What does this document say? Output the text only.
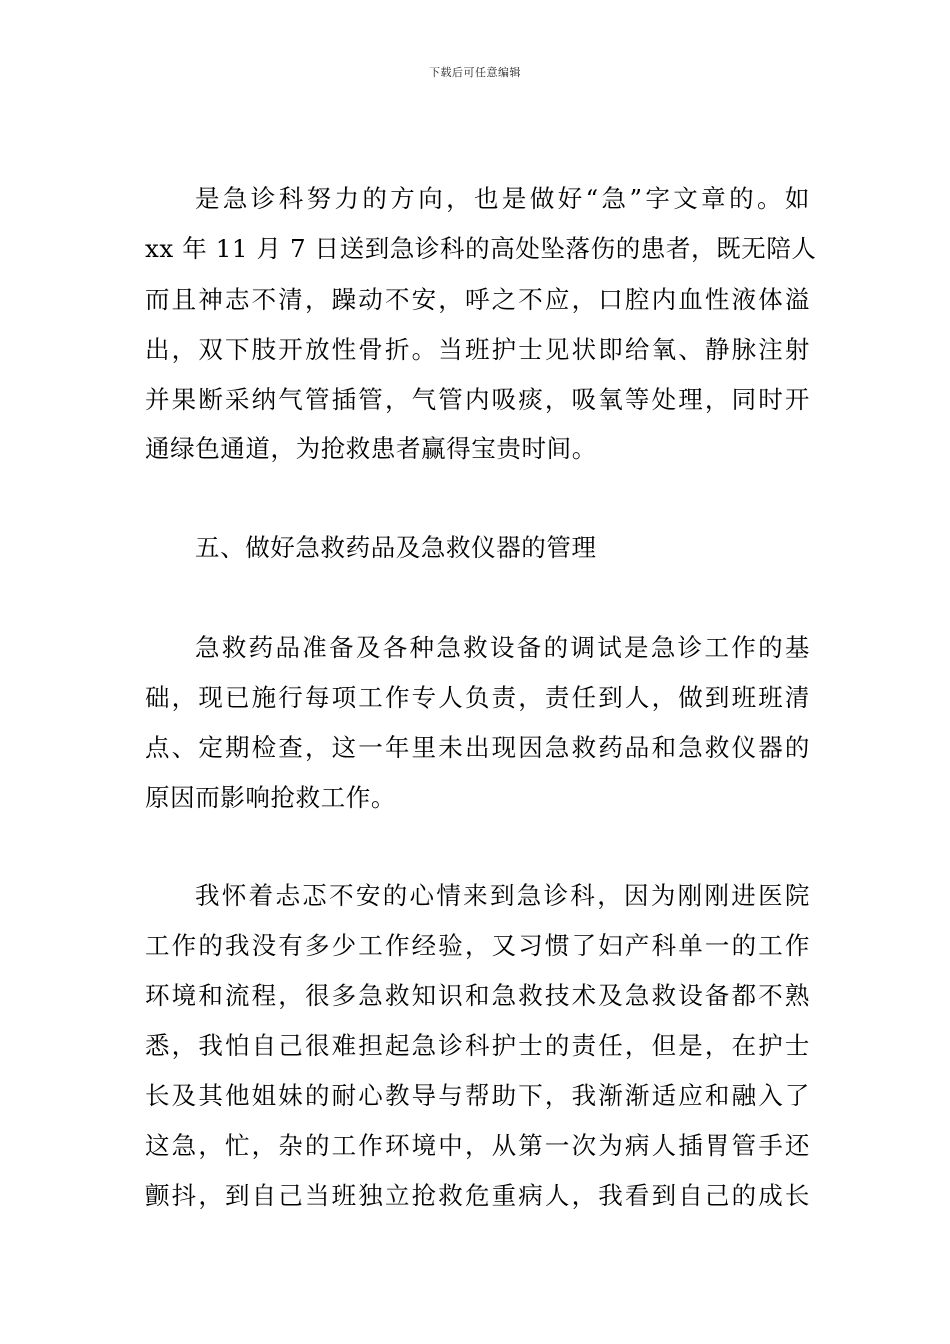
下载后可任意编辑
是急诊科努力的方向，也是做好“急”字文章的。如
xx 年 11 月 7 日送到急诊科的高处坠落伤的患者，既无陪人
而且神志不清，躁动不安，呼之不应，口腔内血性液体溢
出，双下肢开放性骨折。当班护士见状即给氧、静脉注射
并果断采纳气管插管，气管内吸痰，吸氧等处理，同时开
通绿色通道，为抢救患者赢得宝贵时间。
五、做好急救药品及急救仪器的管理
急救药品准备及各种急救设备的调试是急诊工作的基
础，现已施行每项工作专人负责，责任到人，做到班班清
点、定期检查，这一年里未出现因急救药品和急救仪器的
原因而影响抢救工作。
我怀着忐忑不安的心情来到急诊科，因为刚刚进医院
工作的我没有多少工作经验，又习惯了妇产科单一的工作
环境和流程，很多急救知识和急救技术及急救设备都不熟
悉，我怕自己很难担起急诊科护士的责任，但是，在护士
长及其他姐妹的耐心教导与帮助下，我渐渐适应和融入了
这急，忙，杂的工作环境中，从第一次为病人插胃管手还
颤抖，到自己当班独立抢救危重病人，我看到自己的成长
